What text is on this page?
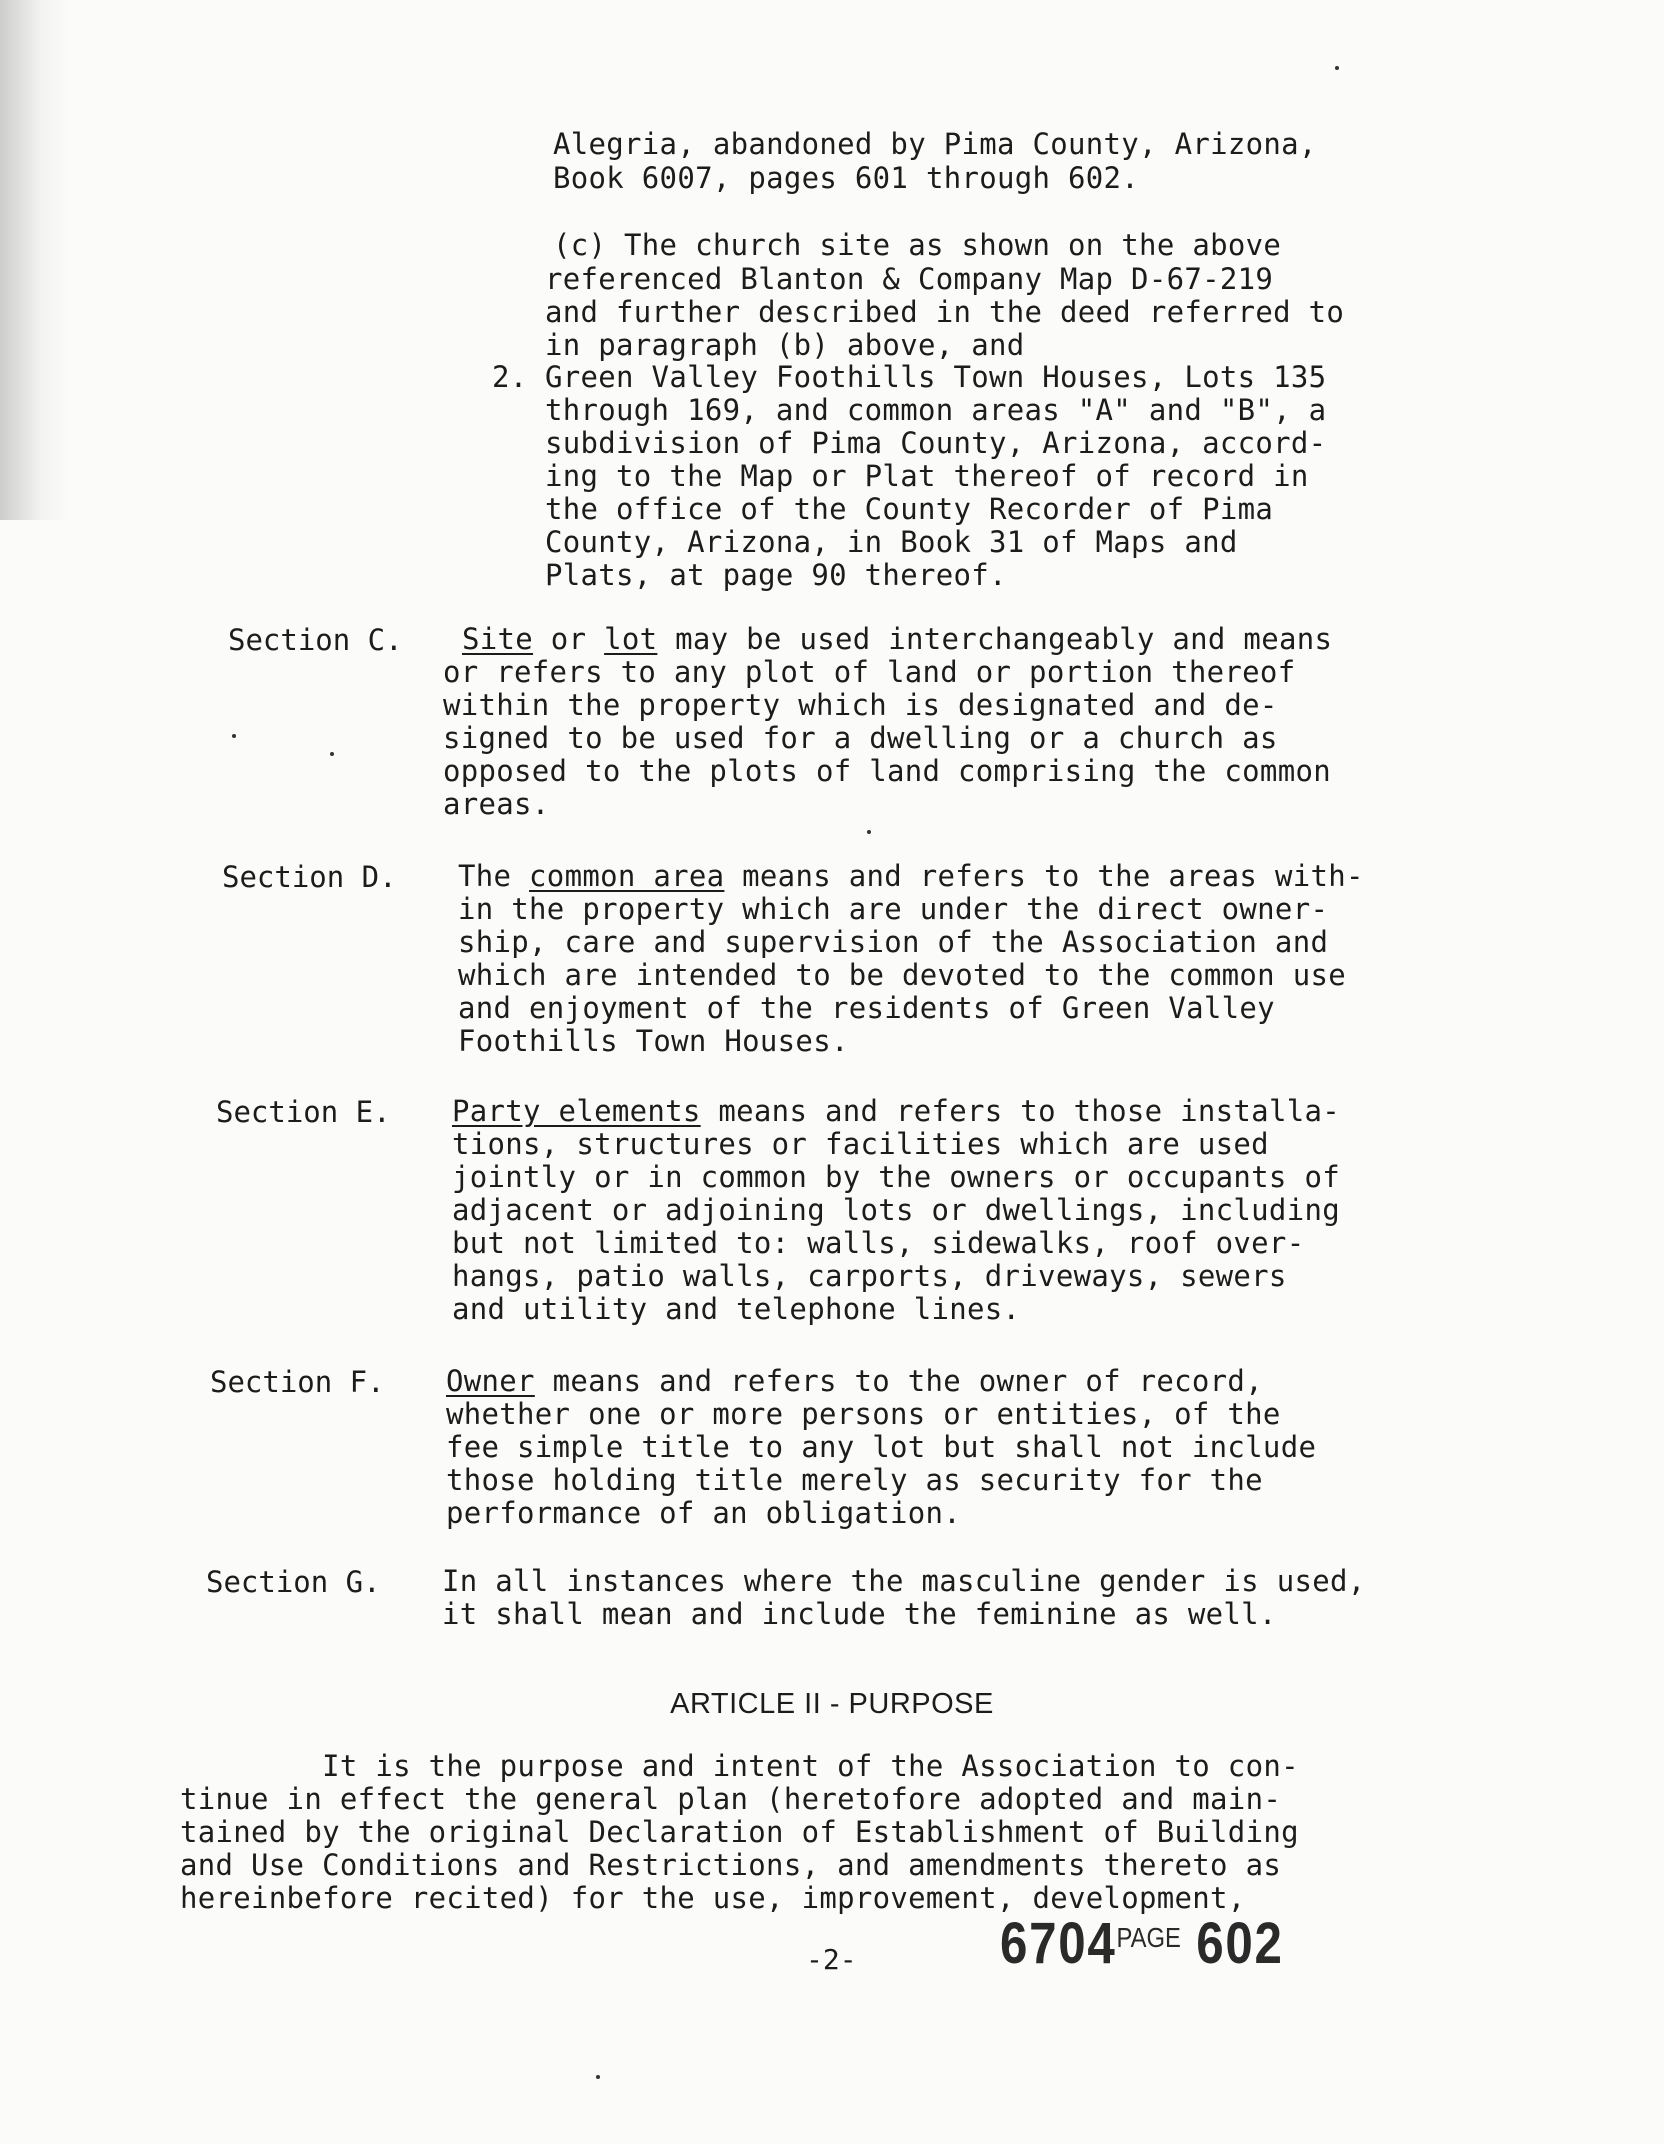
Alegria, abandoned by Pima County, Arizona,
Book 6007, pages 601 through 602.
(c) The church site as shown on the above
referenced Blanton & Company Map D-67-219
and further described in the deed referred to
in paragraph (b) above, and
2. Green Valley Foothills Town Houses, Lots 135
through 169, and common areas "A" and "B", a
subdivision of Pima County, Arizona, accord-
ing to the Map or Plat thereof of record in
the office of the County Recorder of Pima
County, Arizona, in Book 31 of Maps and
Plats, at page 90 thereof.
Section C. Site or lot may be used interchangeably and means
or refers to any plot of land or portion thereof
within the property which is designated and de-
signed to be used for a dwelling or a church as
opposed to the plots of land comprising the common
areas.
Section D. The common area means and refers to the areas with-
in the property which are under the direct owner-
ship, care and supervision of the Association and
which are intended to be devoted to the common use
and enjoyment of the residents of Green Valley
Foothills Town Houses.
Section E. Party elements means and refers to those installa-
tions, structures or facilities which are used
jointly or in common by the owners or occupants of
adjacent or adjoining lots or dwellings, including
but not limited to: walls, sidewalks, roof over-
hangs, patio walls, carports, driveways, sewers
and utility and telephone lines.
Section F. Owner means and refers to the owner of record,
whether one or more persons or entities, of the
fee simple title to any lot but shall not include
those holding title merely as security for the
performance of an obligation.
Section G. In all instances where the masculine gender is used,
it shall mean and include the feminine as well.
ARTICLE II - PURPOSE
It is the purpose and intent of the Association to con-
tinue in effect the general plan (heretofore adopted and main-
tained by the original Declaration of Establishment of Building
and Use Conditions and Restrictions, and amendments thereto as
hereinbefore recited) for the use, improvement, development,
-2- $6704^{PAGE}$ 602
